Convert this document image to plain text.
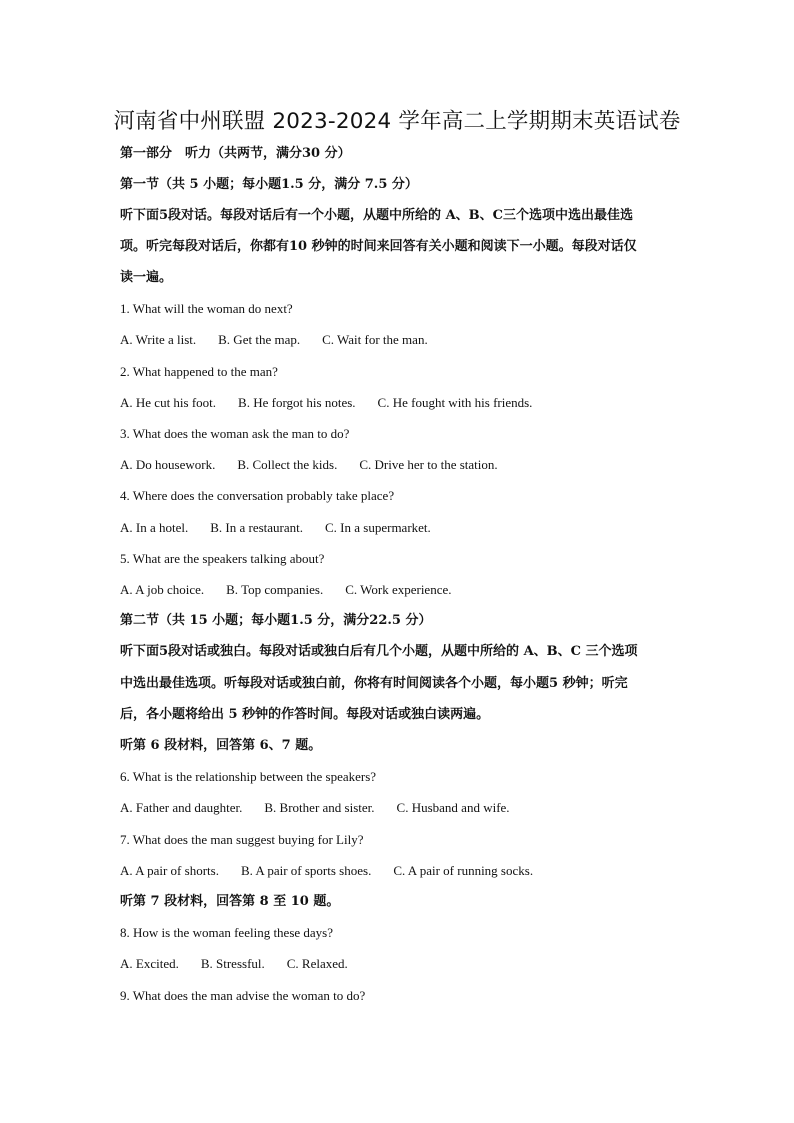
河南省中州联盟 2023-2024 学年高二上学期期末英语试卷
第一部分　听力（共两节，满分30 分）
第一节（共 5 小题；每小题1.5 分，满分 7.5 分）
听下面5段对话。每段对话后有一个小题，从题中所给的 A、B、C三个选项中选出最佳选
项。听完每段对话后，你都有10 秒钟的时间来回答有关小题和阅读下一小题。每段对话仅
读一遍。
1. What will the woman do next?
A. Write a list. B. Get the map. C. Wait for the man.
2. What happened to the man?
A. He cut his foot. B. He forgot his notes. C. He fought with his friends.
3. What does the woman ask the man to do?
A. Do housework. B. Collect the kids. C. Drive her to the station.
4. Where does the conversation probably take place?
A. In a hotel. B. In a restaurant. C. In a supermarket.
5. What are the speakers talking about?
A. A job choice. B. Top companies. C. Work experience.
第二节（共 15 小题；每小题1.5 分，满分22.5 分）
听下面5段对话或独白。每段对话或独白后有几个小题，从题中所给的 A、B、C 三个选项
中选出最佳选项。听每段对话或独白前，你将有时间阅读各个小题，每小题5 秒钟；听完
后，各小题将给出 5 秒钟的作答时间。每段对话或独白读两遍。
听第 6 段材料，回答第 6、7 题。
6. What is the relationship between the speakers?
A. Father and daughter. B. Brother and sister. C. Husband and wife.
7. What does the man suggest buying for Lily?
A. A pair of shorts. B. A pair of sports shoes. C. A pair of running socks.
听第 7 段材料，回答第 8 至 10 题。
8. How is the woman feeling these days?
A. Excited. B. Stressful. C. Relaxed.
9. What does the man advise the woman to do?
